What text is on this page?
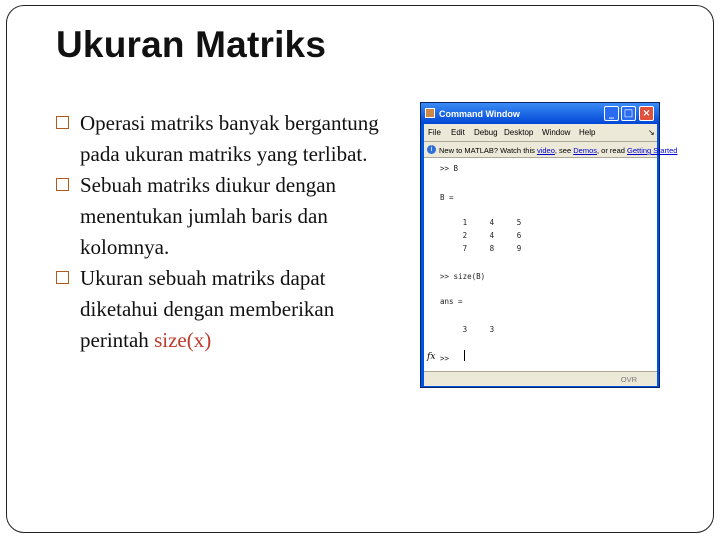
Ukuran Matriks
Operasi matriks banyak bergantung pada ukuran matriks yang terlibat.
Sebuah matriks diukur dengan menentukan jumlah baris dan kolomnya.
Ukuran sebuah matriks dapat diketahui dengan memberikan perintah size(x)
Command Window	_ □ ×
File Edit Debug Desktop Window Help	↘
i New to MATLAB? Watch this video, see Demos, or read Getting Started
>> B
B =
1     4     5
2     4     6
7     8     9
>> size(B)
ans =
3     3
fx >>
OVR
